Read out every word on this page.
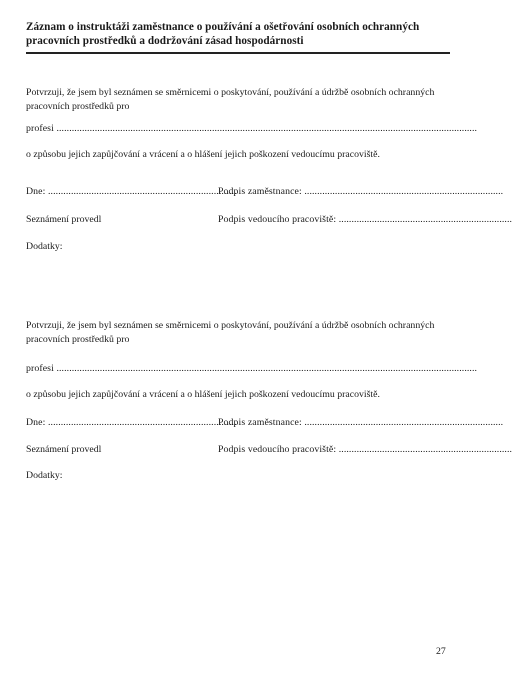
Záznam o instruktáži zaměstnance o používání a ošetřování osobních ochranných pracovních prostředků a dodržování zásad hospodárnosti
Potvrzuji, že jsem byl seznámen se směrnicemi o poskytování, používání a údržbě osobních ochranných pracovních prostředků pro
profesi .....................................................................................................................................................................
o způsobu jejich zapůjčování a vrácení a o hlášení jejich poškození vedoucímu pracoviště.
Dne: ..........................................................................
Podpis zaměstnance: ..............................................................................
Seznámení provedl	Podpis vedoucího pracoviště: ....................................................................
Dodatky:
Potvrzuji, že jsem byl seznámen se směrnicemi o poskytování, používání a údržbě osobních ochranných pracovních prostředků pro
profesi .....................................................................................................................................................................
o způsobu jejich zapůjčování a vrácení a o hlášení jejich poškození vedoucímu pracoviště.
Dne: ..........................................................................
Podpis zaměstnance: ..............................................................................
Seznámení provedl	Podpis vedoucího pracoviště: ....................................................................
Dodatky:
27
